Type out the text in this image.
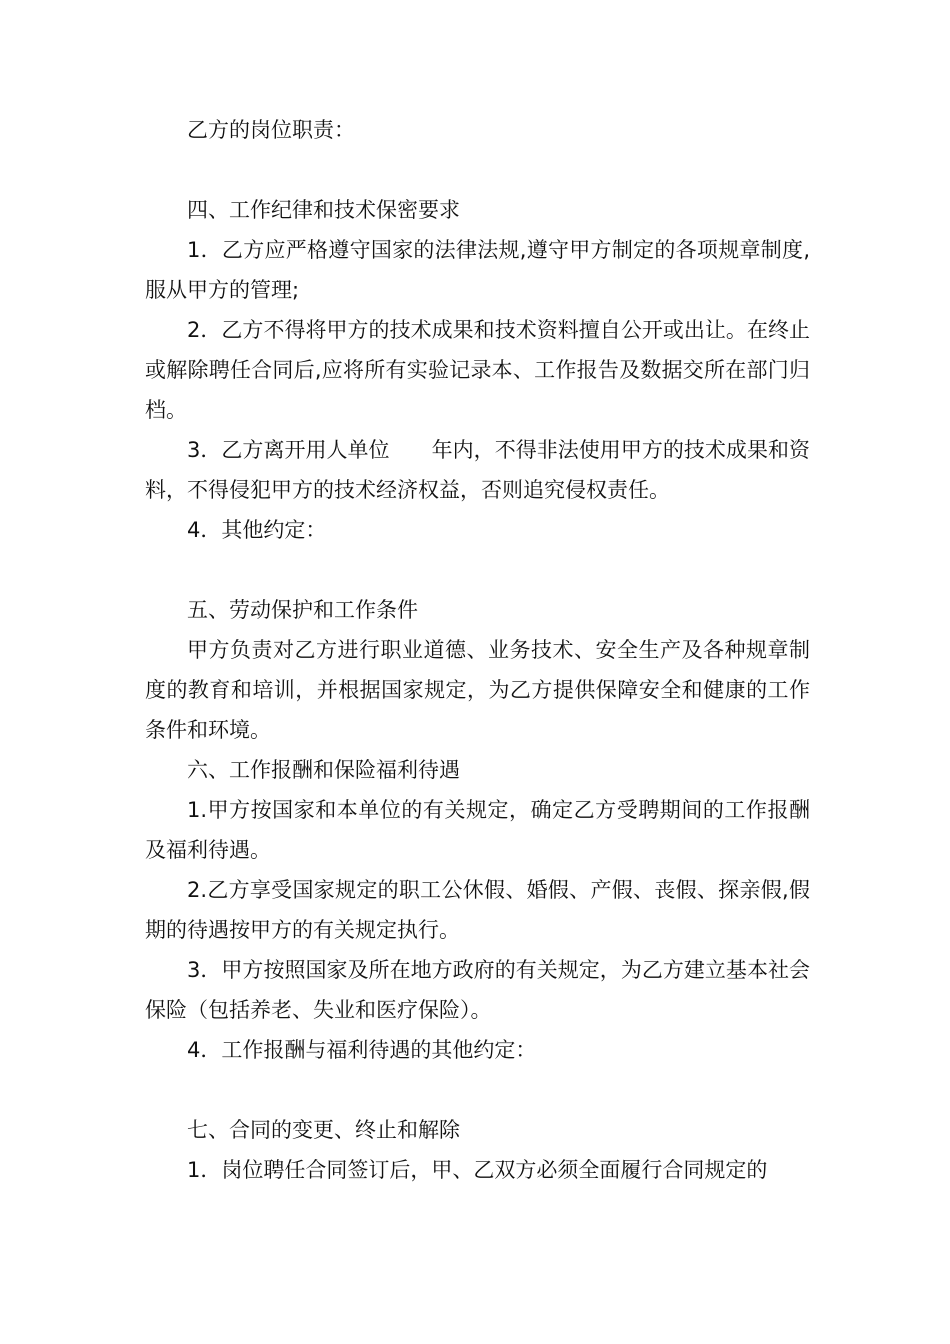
乙方的岗位职责：

四、工作纪律和技术保密要求

1．乙方应严格遵守国家的法律法规,遵守甲方制定的各项规章制度,服从甲方的管理;

2．乙方不得将甲方的技术成果和技术资料擅自公开或出让。在终止或解除聘任合同后,应将所有实验记录本、工作报告及数据交所在部门归档。

3．乙方离开用人单位　　年内，不得非法使用甲方的技术成果和资料，不得侵犯甲方的技术经济权益，否则追究侵权责任。

4．其他约定：

五、劳动保护和工作条件

甲方负责对乙方进行职业道德、业务技术、安全生产及各种规章制度的教育和培训，并根据国家规定，为乙方提供保障安全和健康的工作条件和环境。

六、工作报酬和保险福利待遇

1.甲方按国家和本单位的有关规定，确定乙方受聘期间的工作报酬及福利待遇。

2.乙方享受国家规定的职工公休假、婚假、产假、丧假、探亲假,假期的待遇按甲方的有关规定执行。

3．甲方按照国家及所在地方政府的有关规定，为乙方建立基本社会保险（包括养老、失业和医疗保险）。

4．工作报酬与福利待遇的其他约定：

七、合同的变更、终止和解除

1．岗位聘任合同签订后，甲、乙双方必须全面履行合同规定的
